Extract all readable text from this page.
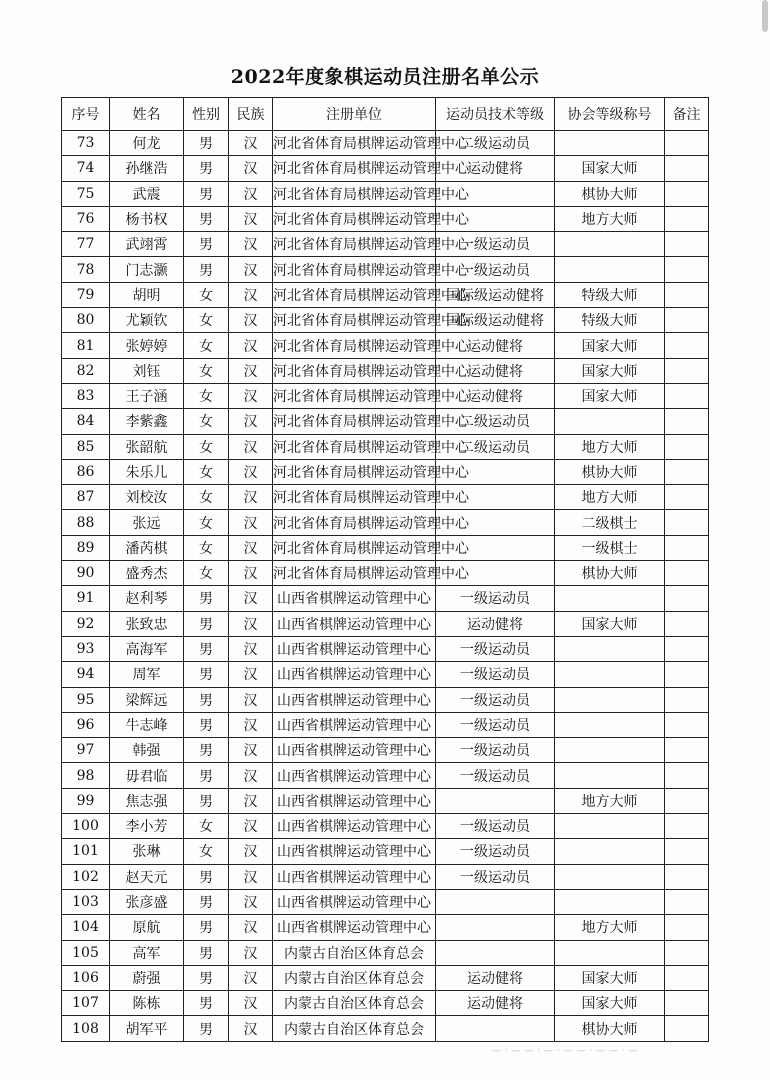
2022年度象棋运动员注册名单公示
序号	姓名	性别	民族	注册单位	运动员技术等级	协会等级称号	备注
73	何龙	男	汉	河北省体育局棋牌运动管理中心	二级运动员		
74	孙继浩	男	汉	河北省体育局棋牌运动管理中心	运动健将	国家大师	
75	武震	男	汉	河北省体育局棋牌运动管理中心		棋协大师	
76	杨书权	男	汉	河北省体育局棋牌运动管理中心		地方大师	
77	武翊霄	男	汉	河北省体育局棋牌运动管理中心	一级运动员		
78	门志灏	男	汉	河北省体育局棋牌运动管理中心	一级运动员		
79	胡明	女	汉	河北省体育局棋牌运动管理中心	国际级运动健将	特级大师	
80	尤颖钦	女	汉	河北省体育局棋牌运动管理中心	国际级运动健将	特级大师	
81	张婷婷	女	汉	河北省体育局棋牌运动管理中心	运动健将	国家大师	
82	刘钰	女	汉	河北省体育局棋牌运动管理中心	运动健将	国家大师	
83	王子涵	女	汉	河北省体育局棋牌运动管理中心	运动健将	国家大师	
84	李紫鑫	女	汉	河北省体育局棋牌运动管理中心	二级运动员		
85	张韶航	女	汉	河北省体育局棋牌运动管理中心	二级运动员	地方大师	
86	朱乐儿	女	汉	河北省体育局棋牌运动管理中心		棋协大师	
87	刘校汝	女	汉	河北省体育局棋牌运动管理中心		地方大师	
88	张远	女	汉	河北省体育局棋牌运动管理中心		二级棋士	
89	潘芮棋	女	汉	河北省体育局棋牌运动管理中心		一级棋士	
90	盛秀杰	女	汉	河北省体育局棋牌运动管理中心		棋协大师	
91	赵利琴	男	汉	山西省棋牌运动管理中心	一级运动员		
92	张致忠	男	汉	山西省棋牌运动管理中心	运动健将	国家大师	
93	高海军	男	汉	山西省棋牌运动管理中心	一级运动员		
94	周军	男	汉	山西省棋牌运动管理中心	一级运动员		
95	梁辉远	男	汉	山西省棋牌运动管理中心	一级运动员		
96	牛志峰	男	汉	山西省棋牌运动管理中心	一级运动员		
97	韩强	男	汉	山西省棋牌运动管理中心	一级运动员		
98	毋君临	男	汉	山西省棋牌运动管理中心	一级运动员		
99	焦志强	男	汉	山西省棋牌运动管理中心		地方大师	
100	李小芳	女	汉	山西省棋牌运动管理中心	一级运动员		
101	张琳	女	汉	山西省棋牌运动管理中心	一级运动员		
102	赵天元	男	汉	山西省棋牌运动管理中心	一级运动员		
103	张彦盛	男	汉	山西省棋牌运动管理中心			
104	原航	男	汉	山西省棋牌运动管理中心		地方大师	
105	高军	男	汉	内蒙古自治区体育总会			
106	蔚强	男	汉	内蒙古自治区体育总会	运动健将	国家大师	
107	陈栋	男	汉	内蒙古自治区体育总会	运动健将	国家大师	
108	胡军平	男	汉	内蒙古自治区体育总会		棋协大师	
— · — — · — · — — · — — · —
